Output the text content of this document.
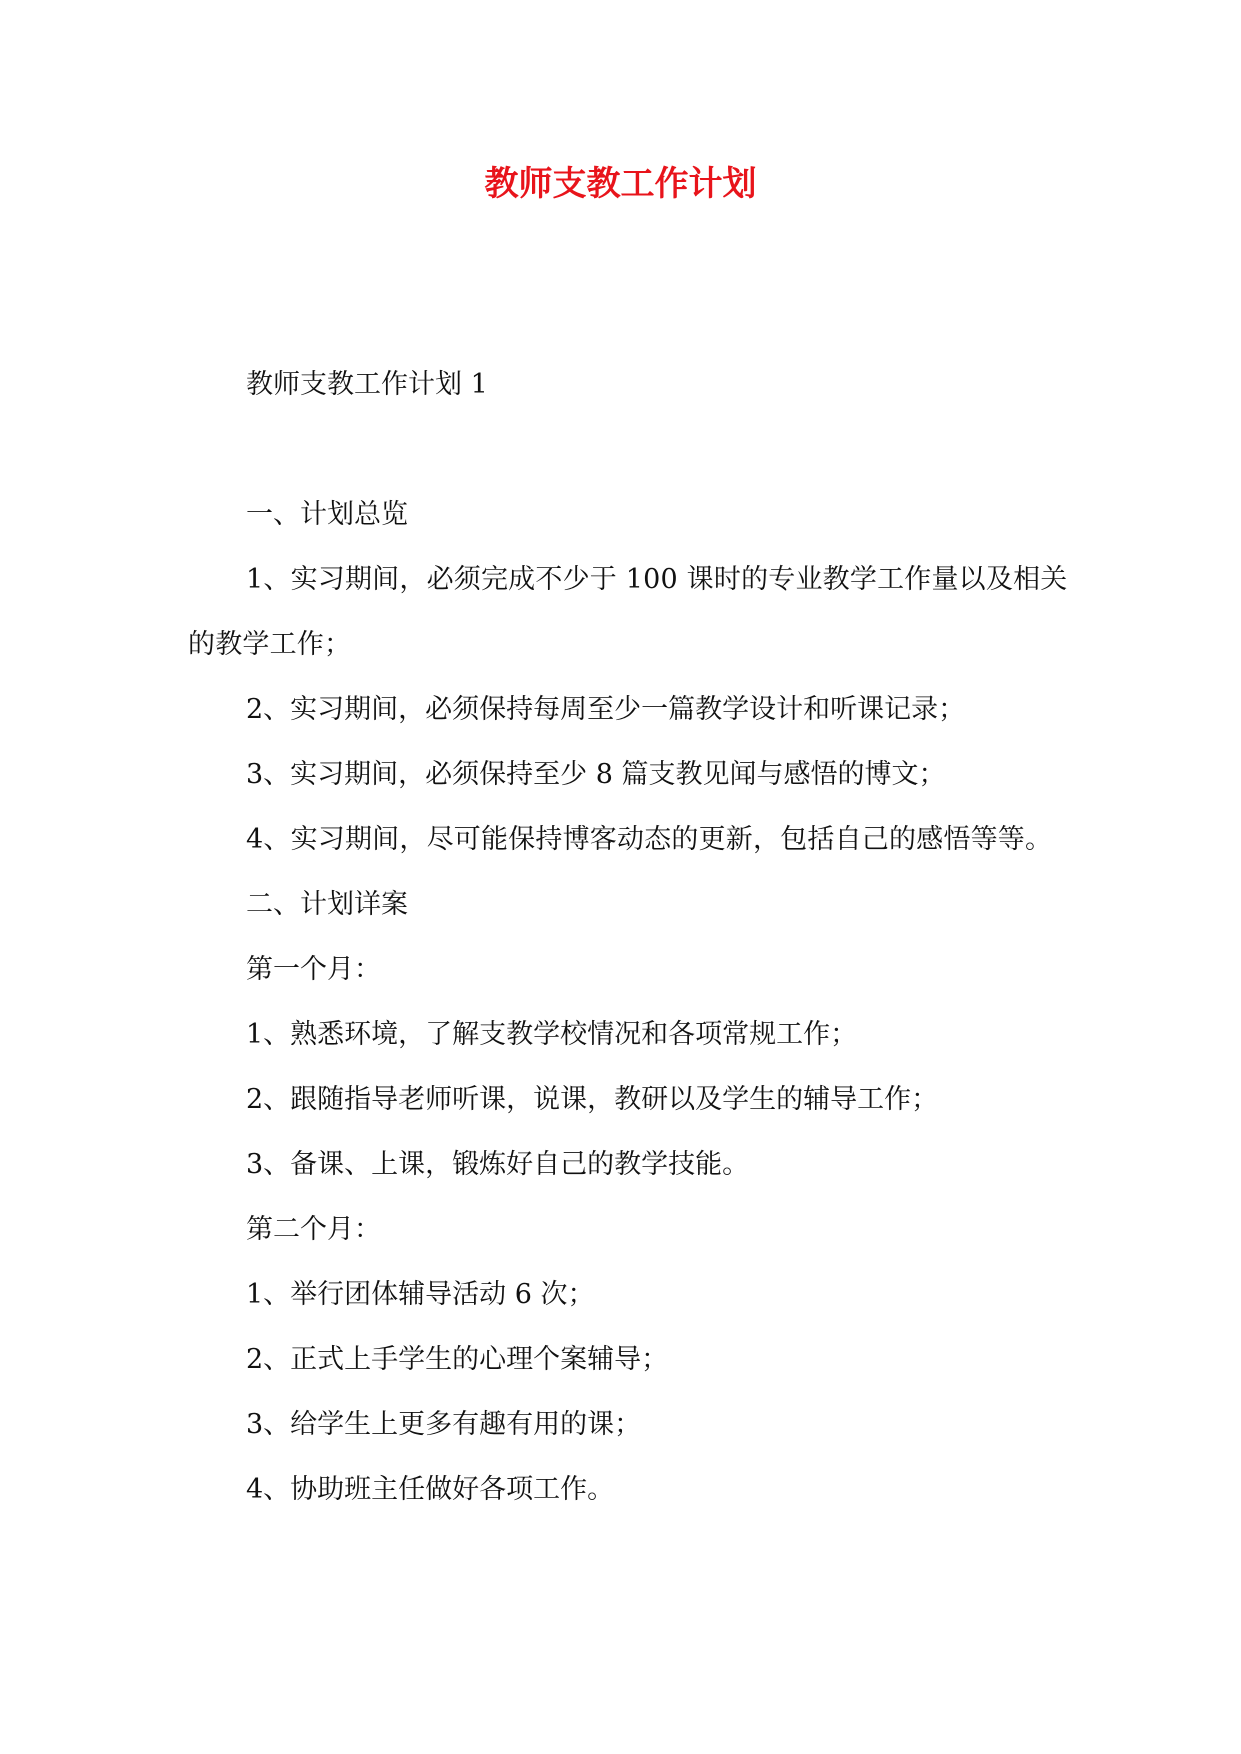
教师支教工作计划

教师支教工作计划 1

一、计划总览

1、实习期间，必须完成不少于 100 课时的专业教学工作量以及相关的教学工作；

2、实习期间，必须保持每周至少一篇教学设计和听课记录；

3、实习期间，必须保持至少 8 篇支教见闻与感悟的博文；

4、实习期间，尽可能保持博客动态的更新，包括自己的感悟等等。

二、计划详案

第一个月：

1、熟悉环境，了解支教学校情况和各项常规工作；

2、跟随指导老师听课，说课，教研以及学生的辅导工作；

3、备课、上课，锻炼好自己的教学技能。

第二个月：

1、举行团体辅导活动 6 次；

2、正式上手学生的心理个案辅导；

3、给学生上更多有趣有用的课；

4、协助班主任做好各项工作。
